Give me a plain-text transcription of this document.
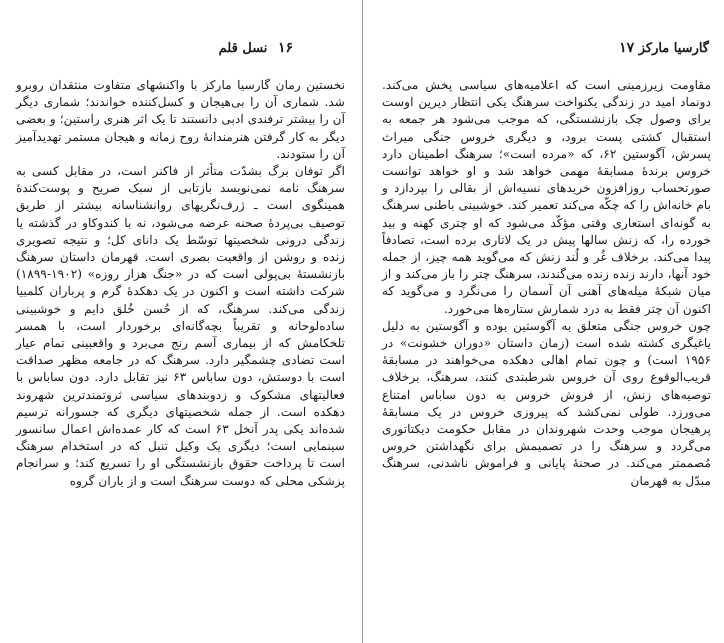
۱۶ نسل قلم

نخستین رمان گارسیا مارکز با واکنشهای متفاوت منتقدان روبرو شد. شماری آن را بی‌هیجان و کسل‌کننده خواندند؛ شماری دیگر آن را بیشتر ترفندی ادبی دانستند تا یک اثر هنری راستین؛ و بعضی دیگر به کار گرفتن هنرمندانهٔ روح زمانه و هیجان مستمر تهدیدآمیز آن را ستودند.

اگر توفان برگ بشدّت متأثر از فاکنر است، در مقابل کسی به سرهنگ نامه نمی‌نویسد بازتابی از سبک صریح و پوست‌کندهٔ همینگوی است ـ ژرف‌نگریهای روانشناسانه بیشتر از طریق توصیف بی‌پردهٔ صحنه عرضه می‌شود، نه با کندوکاو در گذشته یا زندگی درونی شخصیتها توسّط یک دانای کل؛ و نتیجه تصویری زنده و روشن از واقعیت بصری است. قهرمان داستان سرهنگ بازنشستهٔ بی‌پولی است که در «جنگ هزار روزه» (۱۹۰۲-۱۸۹۹) شرکت داشته است و اکنون در یک دهکدهٔ گرم و پرباران کلمبیا زندگی می‌کند. سرهنگ، که از حُسن خُلق دایم و خوشبینی ساده‌لوحانه و تقریباً بچه‌گانه‌ای برخوردار است، با همسر تلخکامش که از بیماری آسم رنج می‌برد و واقعبینی تمام عیار است تضادی چشمگیر دارد. سرهنگ که در جامعه مظهر صداقت است با دوستش، دون ساباس ۶۳ نیز تقابل دارد. دون ساباس با فعالیتهای مشکوک و زدوبندهای سیاسی ثروتمندترین شهروند دهکده است. از جمله شخصیتهای دیگری که جسورانه ترسیم شده‌اند یکی پدر آنخل ۶۳ است که کار عمده‌اش اعمال سانسور سینمایی است؛ دیگری یک وکیل تنبل که در استخدام سرهنگ است تا پرداخت حقوق بازنشستگی او را تسریع کند؛ و سرانجام پزشکی محلی که دوست سرهنگ است و از یاران گروه

گارسیا مارکز ۱۷

مقاومت زیرزمینی است که اعلامیه‌های سیاسی پخش می‌کند. دونماد امید در زندگی یکنواخت سرهنگ یکی انتظار دیرین اوست برای وصول چک بازنشستگی، که موجب می‌شود هر جمعه به استقبال کشتی پست برود، و دیگری خروس جنگی میراث پسرش، آگوستین ۶۲، که «مرده است»؛ سرهنگ اطمینان دارد خروس برندهٔ مسابقهٔ مهمی خواهد شد و او خواهد توانست صورتحساب روزافزون خریدهای نسیه‌اش از بقالی را بپردازد و بام خانه‌اش را که چکّه می‌کند تعمیر کند. خوشبینی باطنی سرهنگ به گونه‌ای استعاری وقتی مؤکّد می‌شود که او چتری کهنه و بید خورده را، که زنش سالها پیش در یک لاتاری برده است، تصادفاً پیدا می‌کند. برخلاف غُر و لُند زنش که می‌گوید همه چیز، از جمله خود آنها، دارند زنده زنده می‌گندند، سرهنگ چتر را باز می‌کند و از میان شبکهٔ میله‌های آهنی آن آسمان را می‌نگرد و می‌گوید که اکنون آن چتر فقط به درد شمارش ستاره‌ها می‌خورد.

چون خروس جنگی متعلق به آگوستین بوده و آگوستین به دلیل یاغیگری کشته شده است (زمان داستان «دوران خشونت» در ۱۹۵۶ است) و چون تمام اهالی دهکده می‌خواهند در مسابقهٔ قریب‌الوقوع روی آن خروس شرطبندی کنند، سرهنگ، برخلاف توصیه‌های زنش، از فروش خروس به دون ساباس امتناع می‌ورزد. طولی نمی‌کشد که پیروزی خروس در یک مسابقهٔ پرهیجان موجب وحدت شهروندان در مقابل حکومت دیکتاتوری می‌گردد و سرهنگ را در تصمیمش برای نگهداشتن خروس مُصممتر می‌کند. در صحنهٔ پایانی و فراموش ناشدنی، سرهنگ مبدّل به قهرمان
